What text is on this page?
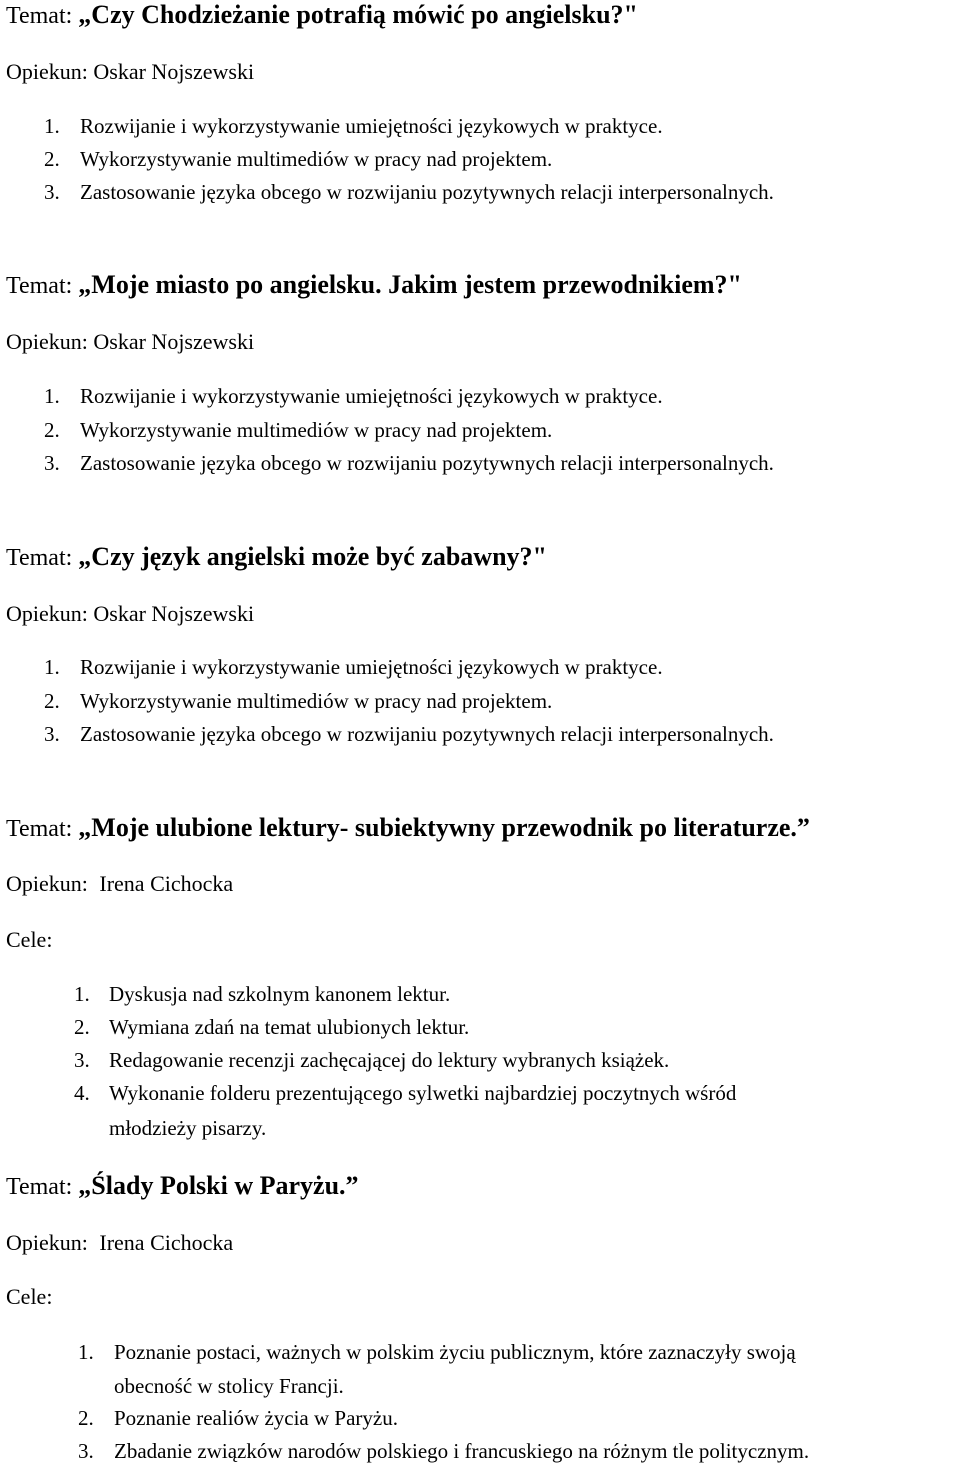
Temat: „Czy Chodzieżanie potrafią mówić po angielsku?"
Opiekun: Oskar Nojszewski
1. Rozwijanie i wykorzystywanie umiejętności językowych w praktyce.
2. Wykorzystywanie multimediów w pracy nad projektem.
3. Zastosowanie języka obcego w rozwijaniu pozytywnych relacji interpersonalnych.
Temat: „Moje miasto po angielsku. Jakim jestem przewodnikiem?"
Opiekun: Oskar Nojszewski
1. Rozwijanie i wykorzystywanie umiejętności językowych w praktyce.
2. Wykorzystywanie multimediów w pracy nad projektem.
3. Zastosowanie języka obcego w rozwijaniu pozytywnych relacji interpersonalnych.
Temat: „Czy język angielski może być zabawny?"
Opiekun: Oskar Nojszewski
1. Rozwijanie i wykorzystywanie umiejętności językowych w praktyce.
2. Wykorzystywanie multimediów w pracy nad projektem.
3. Zastosowanie języka obcego w rozwijaniu pozytywnych relacji interpersonalnych.
Temat: „Moje ulubione lektury- subiektywny przewodnik po literaturze.”
Opiekun: Irena Cichocka
Cele:
1. Dyskusja nad szkolnym kanonem lektur.
2. Wymiana zdań na temat ulubionych lektur.
3. Redagowanie recenzji zachęcającej do lektury wybranych książek.
4. Wykonanie folderu prezentującego sylwetki najbardziej poczytnych wśród
młodzieży pisarzy.
Temat: „Ślady Polski w Paryżu.”
Opiekun: Irena Cichocka
Cele:
1. Poznanie postaci, ważnych w polskim życiu publicznym, które zaznaczyły swoją
obecność w stolicy Francji.
2. Poznanie realiów życia w Paryżu.
3. Zbadanie związków narodów polskiego i francuskiego na różnym tle politycznym.
